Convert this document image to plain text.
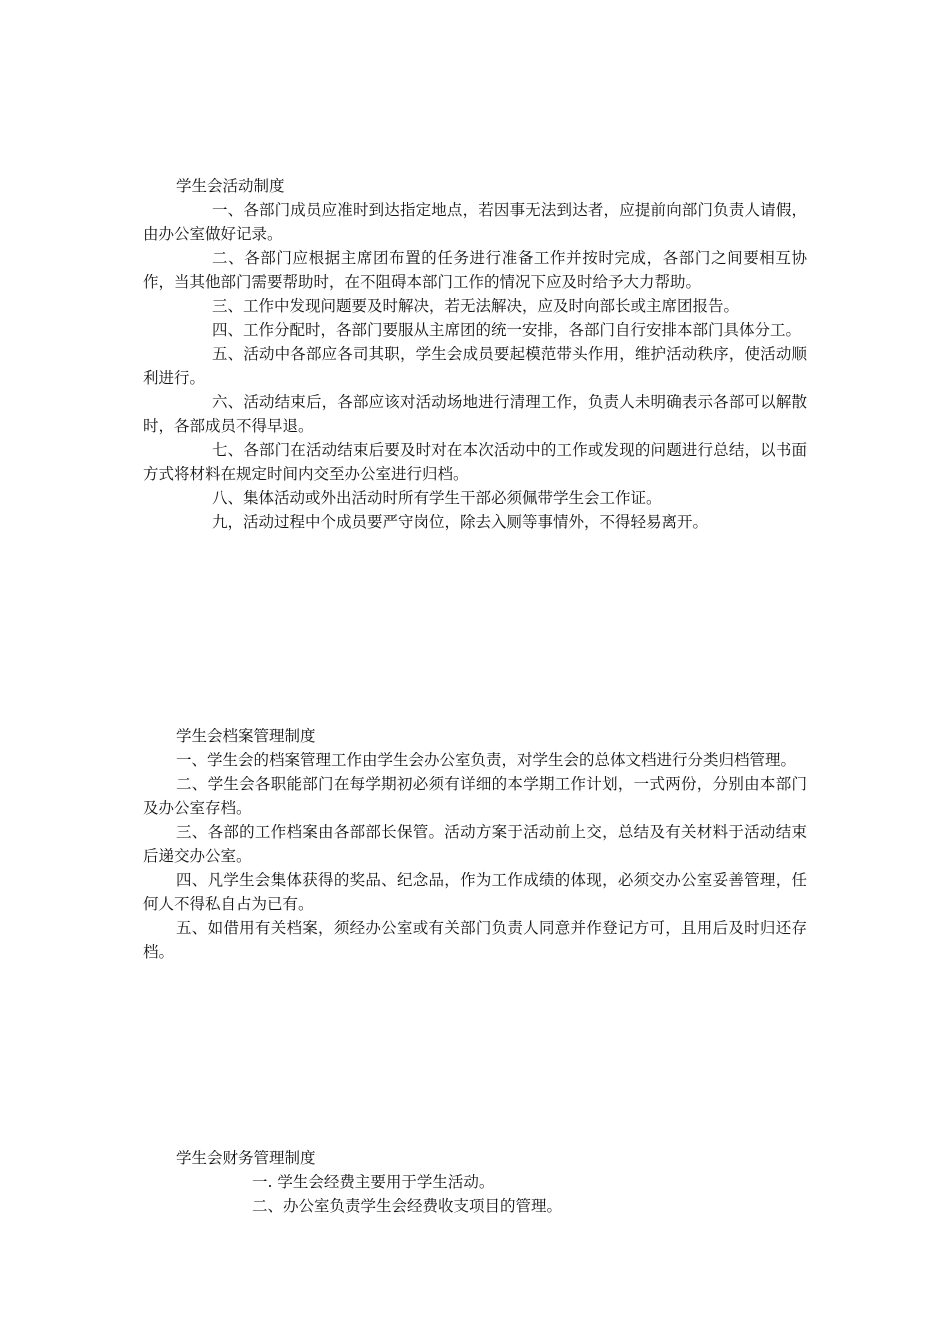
学生会活动制度

一、各部门成员应准时到达指定地点，若因事无法到达者，应提前向部门负责人请假，由办公室做好记录。

二、各部门应根据主席团布置的任务进行准备工作并按时完成，各部门之间要相互协作，当其他部门需要帮助时，在不阻碍本部门工作的情况下应及时给予大力帮助。

三、工作中发现问题要及时解决，若无法解决，应及时向部长或主席团报告。

四、工作分配时，各部门要服从主席团的统一安排，各部门自行安排本部门具体分工。

五、活动中各部应各司其职，学生会成员要起模范带头作用，维护活动秩序，使活动顺利进行。

六、活动结束后，各部应该对活动场地进行清理工作，负责人未明确表示各部可以解散时，各部成员不得早退。

七、各部门在活动结束后要及时对在本次活动中的工作或发现的问题进行总结，以书面方式将材料在规定时间内交至办公室进行归档。

八、集体活动或外出活动时所有学生干部必须佩带学生会工作证。

九，活动过程中个成员要严守岗位，除去入厕等事情外，不得轻易离开。

学生会档案管理制度

一、学生会的档案管理工作由学生会办公室负责，对学生会的总体文档进行分类归档管理。

二、学生会各职能部门在每学期初必须有详细的本学期工作计划，一式两份，分别由本部门及办公室存档。

三、各部的工作档案由各部部长保管。活动方案于活动前上交，总结及有关材料于活动结束后递交办公室。

四、凡学生会集体获得的奖品、纪念品，作为工作成绩的体现，必须交办公室妥善管理，任何人不得私自占为已有。

五、如借用有关档案，须经办公室或有关部门负责人同意并作登记方可，且用后及时归还存档。

学生会财务管理制度

一. 学生会经费主要用于学生活动。

二、办公室负责学生会经费收支项目的管理。
